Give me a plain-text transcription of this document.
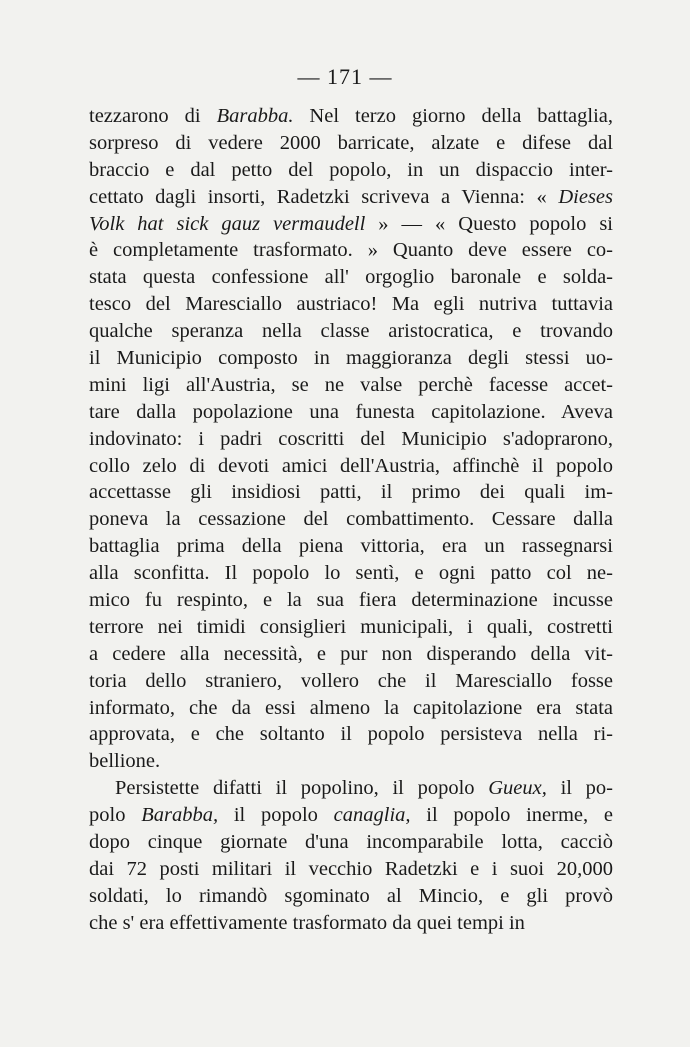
— 171 —
tezzarono di Barabba. Nel terzo giorno della battaglia,
sorpreso di vedere 2000 barricate, alzate e difese dal
braccio e dal petto del popolo, in un dispaccio inter-
cettato dagli insorti, Radetzki scriveva a Vienna: « Dieses
Volk hat sick gauz vermaudell » — « Questo popolo si
è completamente trasformato. » Quanto deve essere co-
stata questa confessione all' orgoglio baronale e solda-
tesco del Maresciallo austriaco! Ma egli nutriva tuttavia
qualche speranza nella classe aristocratica, e trovando
il Municipio composto in maggioranza degli stessi uo-
mini ligi all'Austria, se ne valse perchè facesse accet-
tare dalla popolazione una funesta capitolazione. Aveva
indovinato: i padri coscritti del Municipio s'adoprarono,
collo zelo di devoti amici dell'Austria, affinchè il popolo
accettasse gli insidiosi patti, il primo dei quali im-
poneva la cessazione del combattimento. Cessare dalla
battaglia prima della piena vittoria, era un rassegnarsi
alla sconfitta. Il popolo lo sentì, e ogni patto col ne-
mico fu respinto, e la sua fiera determinazione incusse
terrore nei timidi consiglieri municipali, i quali, costretti
a cedere alla necessità, e pur non disperando della vit-
toria dello straniero, vollero che il Maresciallo fosse
informato, che da essi almeno la capitolazione era stata
approvata, e che soltanto il popolo persisteva nella ri-
bellione.
Persistette difatti il popolino, il popolo Gueux, il po-
polo Barabba, il popolo canaglia, il popolo inerme, e
dopo cinque giornate d'una incomparabile lotta, cacciò
dai 72 posti militari il vecchio Radetzki e i suoi 20,000
soldati, lo rimandò sgominato al Mincio, e gli provò
che s' era effettivamente trasformato da quei tempi in
